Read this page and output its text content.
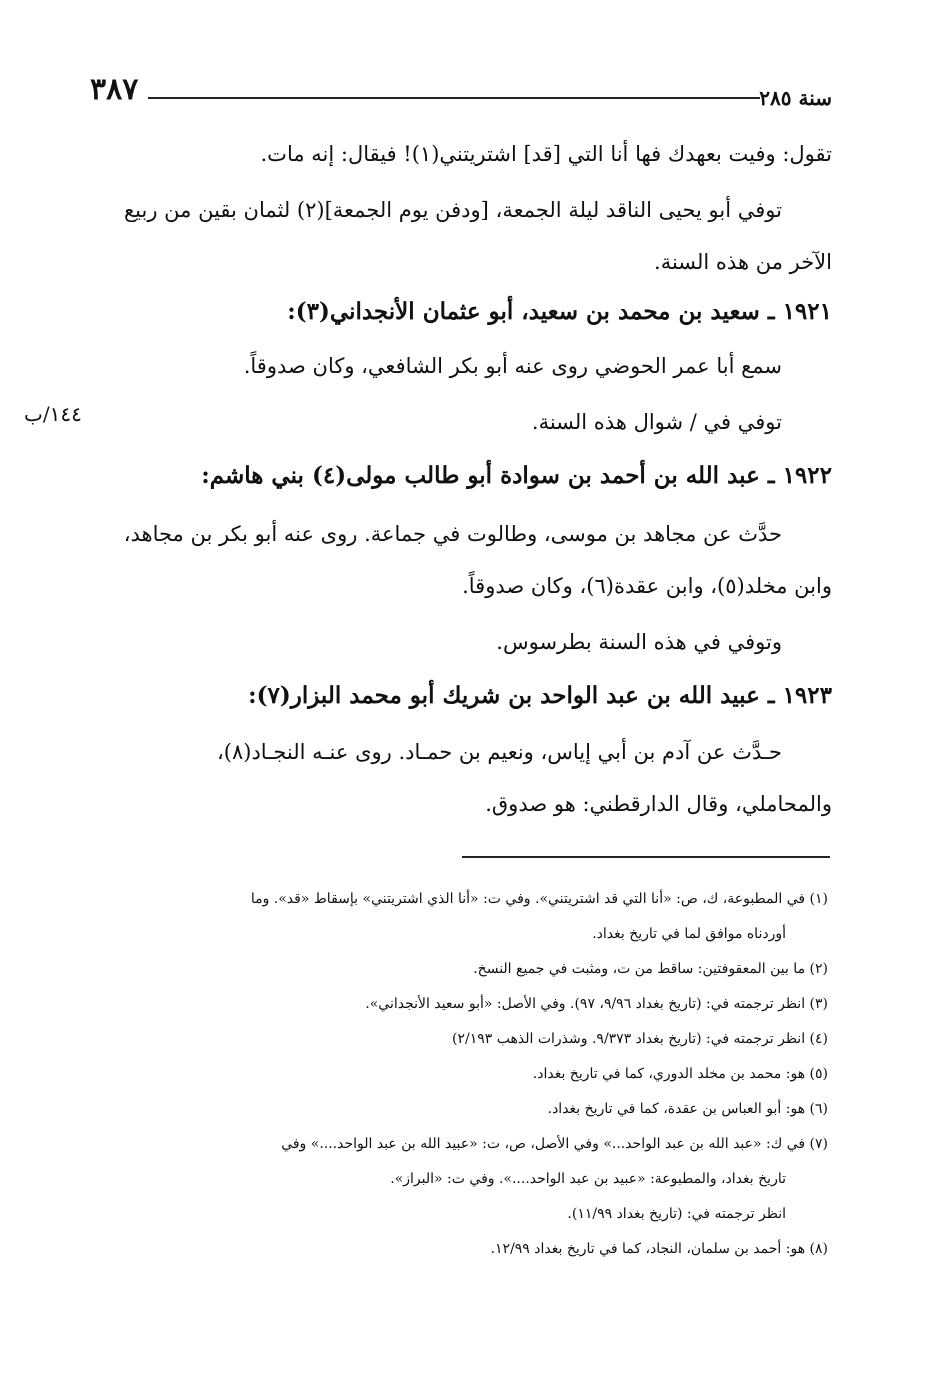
٣٨٧	سنة ٢٨٥
١٤٤/ب
تقول: وفيت بعهدك فها أنا التي [قد] اشتريتني(١)! فيقال: إنه مات.
توفي أبو يحيى الناقد ليلة الجمعة، [ودفن يوم الجمعة](٢) لثمان بقين من ربيع
الآخر من هذه السنة.
١٩٢١ ـ سعيد بن محمد بن سعيد، أبو عثمان الأنجداني(٣):
سمع أبا عمر الحوضي روى عنه أبو بكر الشافعي، وكان صدوقاً.
توفي في / شوال هذه السنة.
١٩٢٢ ـ عبد الله بن أحمد بن سوادة أبو طالب مولى(٤) بني هاشم:
حدَّث عن مجاهد بن موسى، وطالوت في جماعة. روى عنه أبو بكر بن مجاهد،
وابن مخلد(٥)، وابن عقدة(٦)، وكان صدوقاً.
وتوفي في هذه السنة بطرسوس.
١٩٢٣ ـ عبيد الله بن عبد الواحد بن شريك أبو محمد البزار(٧):
حـدَّث عن آدم بن أبي إياس، ونعيم بن حمـاد. روى عنـه النجـاد(٨)،
والمحاملي، وقال الدارقطني: هو صدوق.
(١) في المطبوعة، ك، ص: «أنا التي قد اشتريتني». وفي ت: «أنا الذي اشتريتني» بإسقاط «قد». وما
أوردناه موافق لما في تاريخ بغداد.
(٢) ما بين المعقوفتين: ساقط من ت، ومثبت في جميع النسخ.
(٣) انظر ترجمته في: (تاريخ بغداد ٩/٩٦، ٩٧). وفي الأصل: «أبو سعيد الأنجداني».
(٤) انظر ترجمته في: (تاريخ بغداد ٩/٣٧٣. وشذرات الذهب ٢/١٩٣)
(٥) هو: محمد بن مخلد الدوري، كما في تاريخ بغداد.
(٦) هو: أبو العباس بن عقدة، كما في تاريخ بغداد.
(٧) في ك: «عبد الله بن عبد الواحد...» وفي الأصل، ص، ت: «عبيد الله بن عبد الواحد....» وفي
تاريخ بغداد، والمطبوعة: «عبيد بن عبد الواحد....». وفي ت: «البراز».
انظر ترجمته في: (تاريخ بغداد ١١/٩٩).
(٨) هو: أحمد بن سلمان، النجاد، كما في تاريخ بغداد ١٢/٩٩.
